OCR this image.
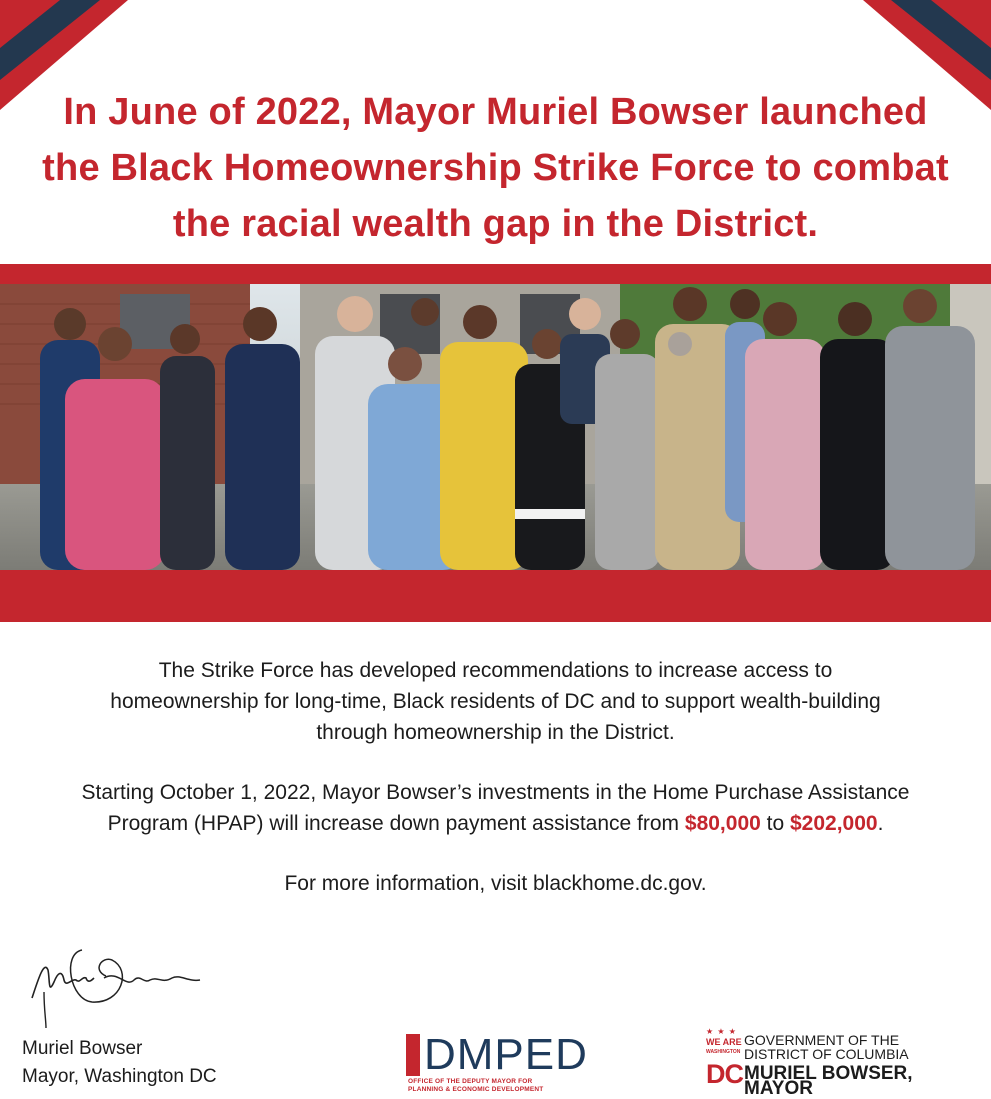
In June of 2022, Mayor Muriel Bowser launched
the Black Homeownership Strike Force to combat
the racial wealth gap in the District.
The Strike Force has developed recommendations to increase access to
homeownership for long-time, Black residents of DC and to support wealth-building
through homeownership in the District.
Starting October 1, 2022, Mayor Bowser’s investments in the Home Purchase Assistance
Program (HPAP) will increase down payment assistance from $80,000 to $202,000.
For more information, visit blackhome.dc.gov.
Muriel Bowser
Mayor, Washington DC	DMPED
OFFICE OF THE DEPUTY MAYOR FOR
PLANNING & ECONOMIC DEVELOPMENT
★ ★ ★
WE ARE
WASHINGTON
DC
GOVERNMENT OF THE
DISTRICT OF COLUMBIA
MURIEL BOWSER, MAYOR
